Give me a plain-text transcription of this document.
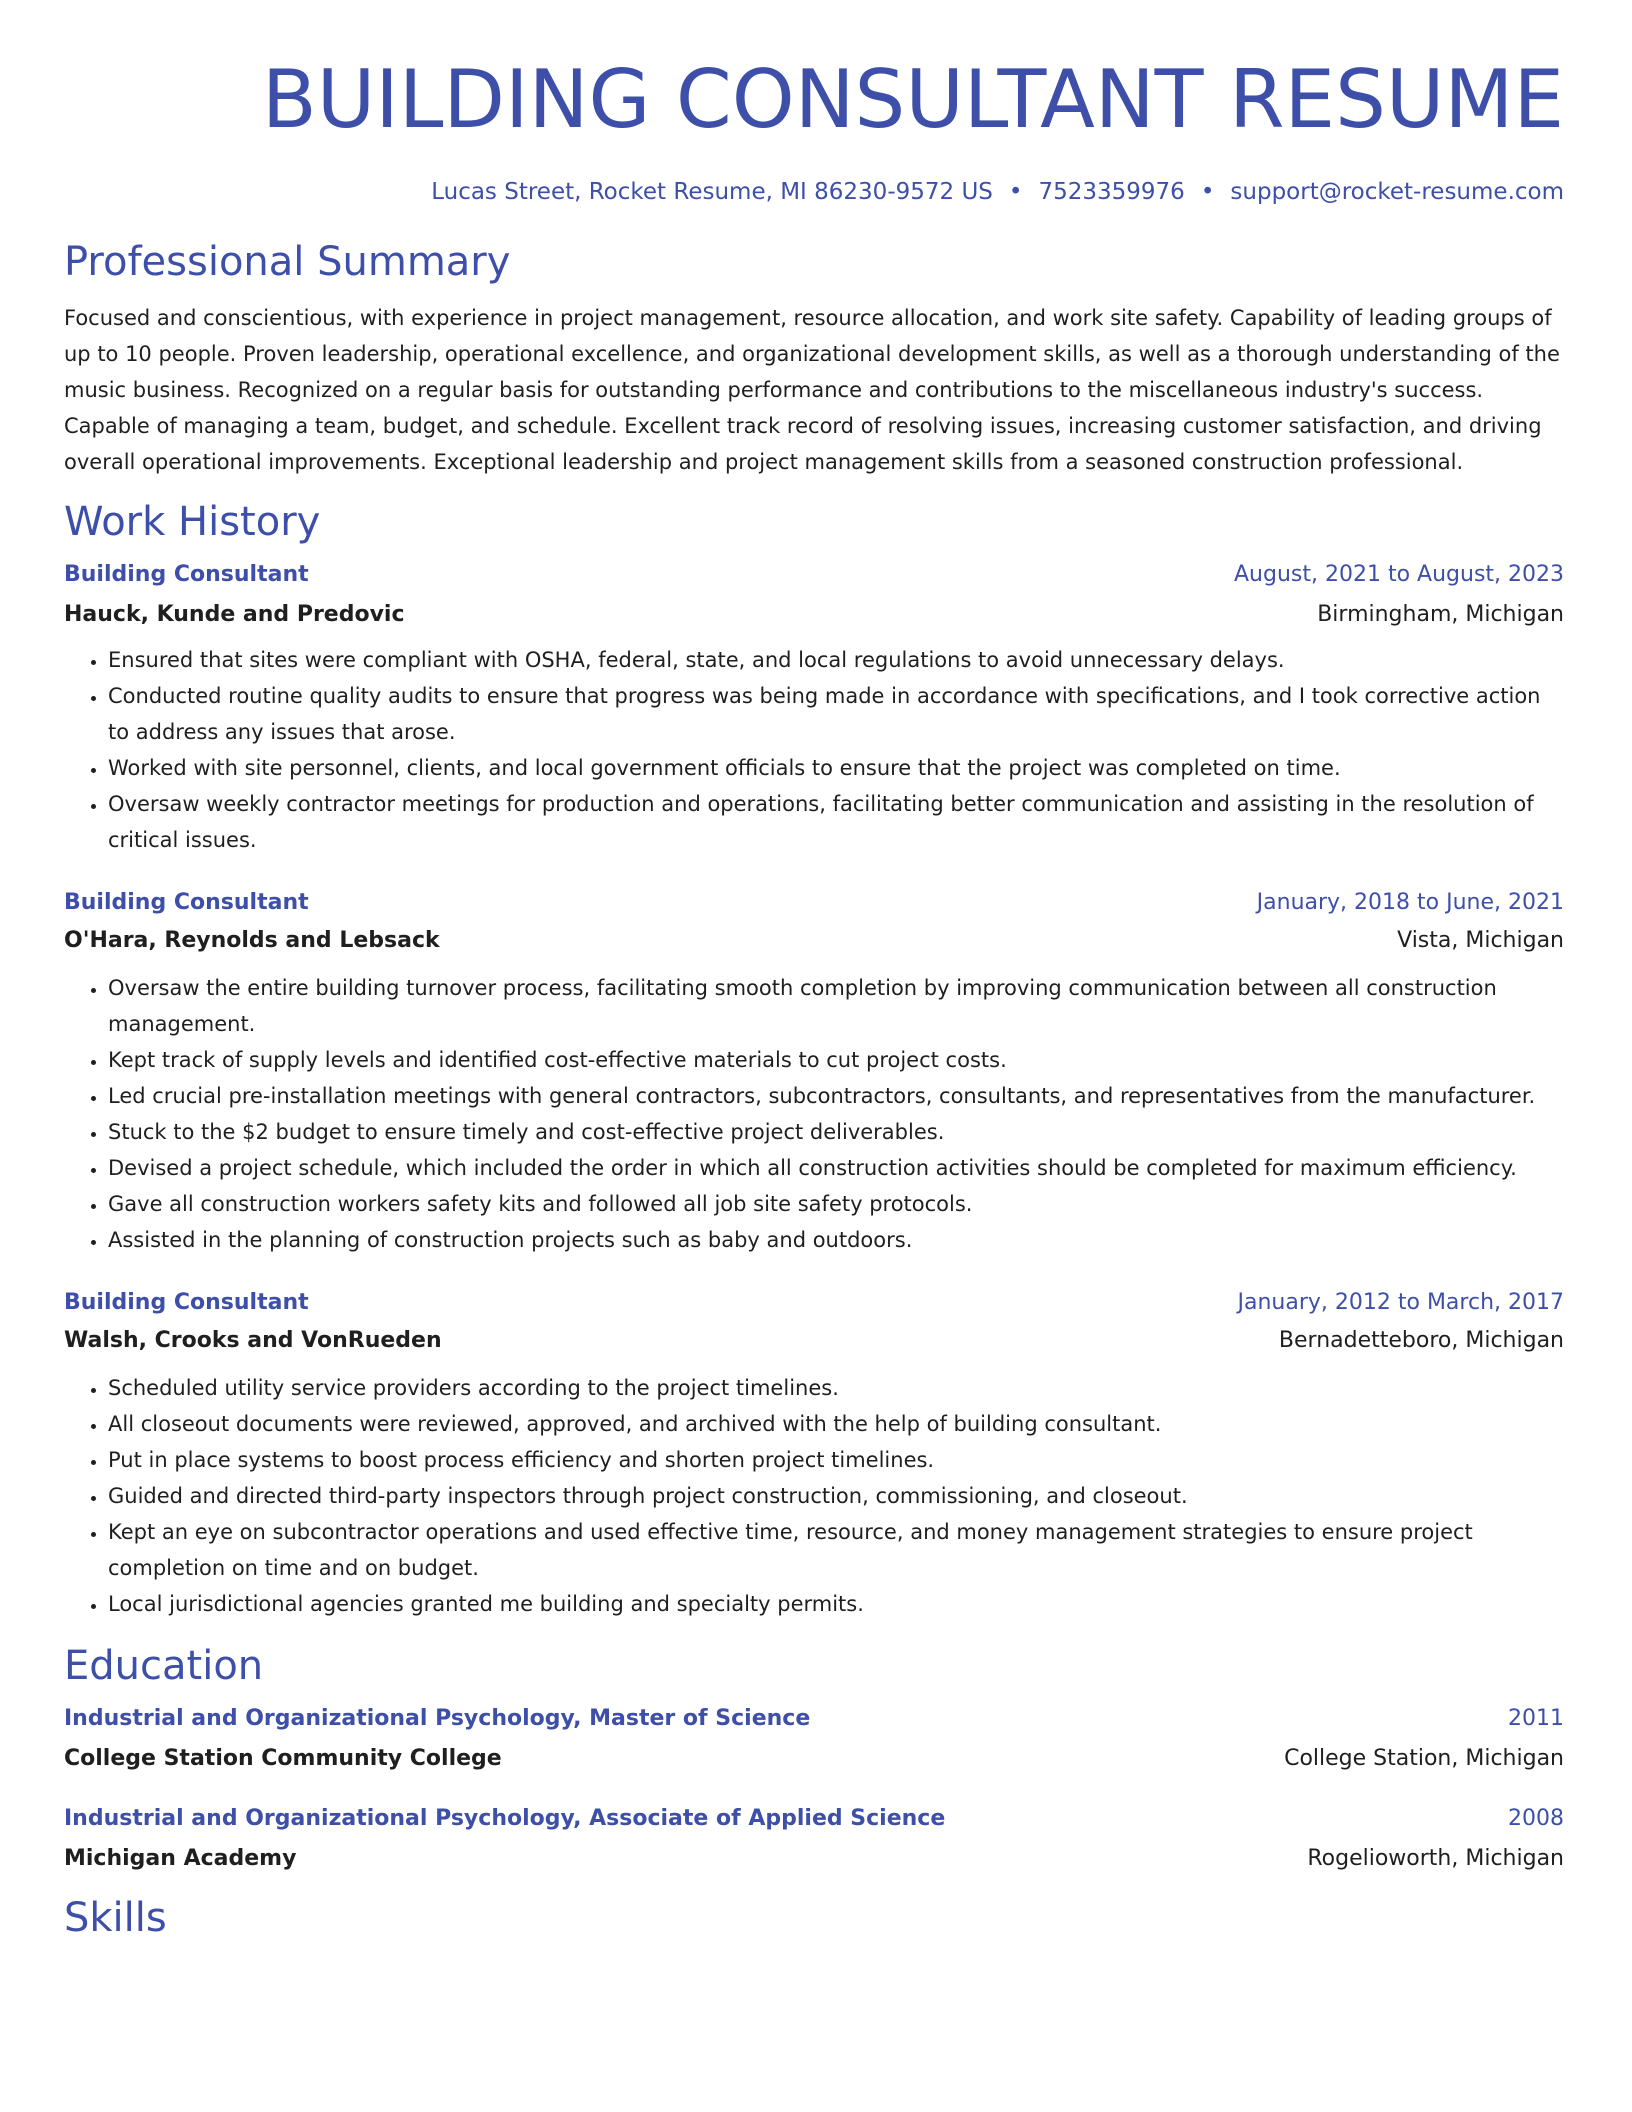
BUILDING CONSULTANT RESUME
Lucas Street, Rocket Resume, MI 86230-9572 US • 7523359976 • support@rocket-resume.com
Professional Summary

Focused and conscientious, with experience in project management, resource allocation, and work site safety. Capability of leading groups of up to 10 people. Proven leadership, operational excellence, and organizational development skills, as well as a thorough understanding of the music business. Recognized on a regular basis for outstanding performance and contributions to the miscellaneous industry's success. Capable of managing a team, budget, and schedule. Excellent track record of resolving issues, increasing customer satisfaction, and driving overall operational improvements. Exceptional leadership and project management skills from a seasoned construction professional.

Work History
Building Consultant	August, 2021 to August, 2023
Hauck, Kunde and Predovic	Birmingham, Michigan
• Ensured that sites were compliant with OSHA, federal, state, and local regulations to avoid unnecessary delays.
• Conducted routine quality audits to ensure that progress was being made in accordance with specifications, and I took corrective action to address any issues that arose.
• Worked with site personnel, clients, and local government officials to ensure that the project was completed on time.
• Oversaw weekly contractor meetings for production and operations, facilitating better communication and assisting in the resolution of critical issues.
Building Consultant	January, 2018 to June, 2021
O'Hara, Reynolds and Lebsack	Vista, Michigan
• Oversaw the entire building turnover process, facilitating smooth completion by improving communication between all construction management.
• Kept track of supply levels and identified cost-effective materials to cut project costs.
• Led crucial pre-installation meetings with general contractors, subcontractors, consultants, and representatives from the manufacturer.
• Stuck to the $2 budget to ensure timely and cost-effective project deliverables.
• Devised a project schedule, which included the order in which all construction activities should be completed for maximum efficiency.
• Gave all construction workers safety kits and followed all job site safety protocols.
• Assisted in the planning of construction projects such as baby and outdoors.
Building Consultant	January, 2012 to March, 2017
Walsh, Crooks and VonRueden	Bernadetteboro, Michigan
• Scheduled utility service providers according to the project timelines.
• All closeout documents were reviewed, approved, and archived with the help of building consultant.
• Put in place systems to boost process efficiency and shorten project timelines.
• Guided and directed third-party inspectors through project construction, commissioning, and closeout.
• Kept an eye on subcontractor operations and used effective time, resource, and money management strategies to ensure project completion on time and on budget.
• Local jurisdictional agencies granted me building and specialty permits.
Education
Industrial and Organizational Psychology, Master of Science	2011
College Station Community College	College Station, Michigan
Industrial and Organizational Psychology, Associate of Applied Science	2008
Michigan Academy	Rogelioworth, Michigan
Skills
